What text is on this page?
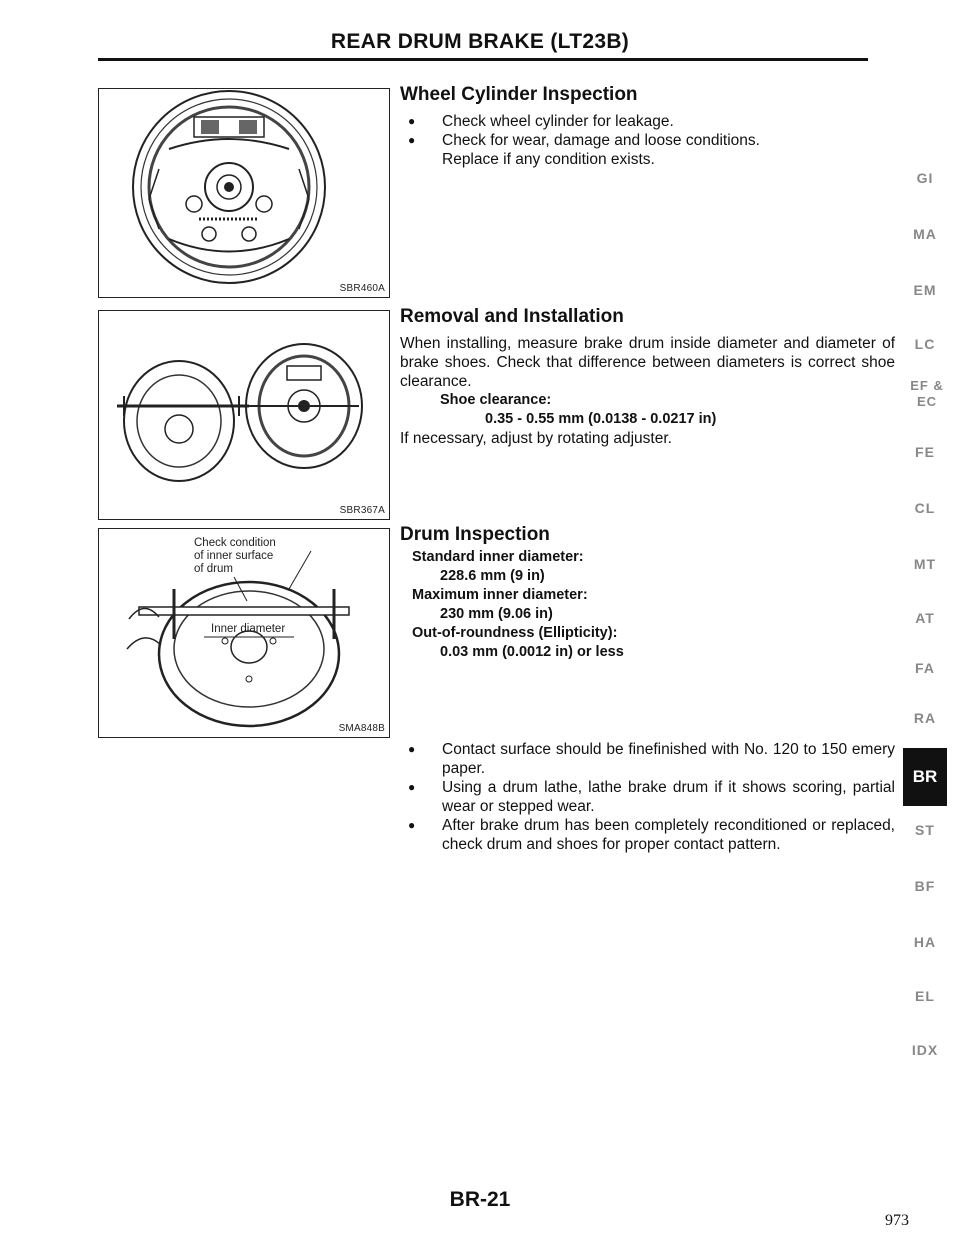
REAR DRUM BRAKE (LT23B)
SBR460A
SBR367A
Check condition
of inner surface
of drum
Inner diameter
SMA848B
Wheel Cylinder Inspection
● Check wheel cylinder for leakage.
● Check for wear, damage and loose conditions.
Replace if any condition exists.
Removal and Installation
When installing, measure brake drum inside diameter and diameter of brake shoes. Check that difference between diameters is correct shoe clearance.
Shoe clearance:
0.35 - 0.55 mm (0.0138 - 0.0217 in)
If necessary, adjust by rotating adjuster.
Drum Inspection
Standard inner diameter:
228.6 mm (9 in)
Maximum inner diameter:
230 mm (9.06 in)
Out-of-roundness (Ellipticity):
0.03 mm (0.0012 in) or less
● Contact surface should be finefinished with No. 120 to 150 emery paper.
● Using a drum lathe, lathe brake drum if it shows scoring, partial wear or stepped wear.
● After brake drum has been completely reconditioned or replaced, check drum and shoes for proper contact pattern.
GI
MA
EM
LC
EF & EC
FE
CL
MT
AT
FA
RA
BR
ST
BF
HA
EL
IDX
BR-21
973
